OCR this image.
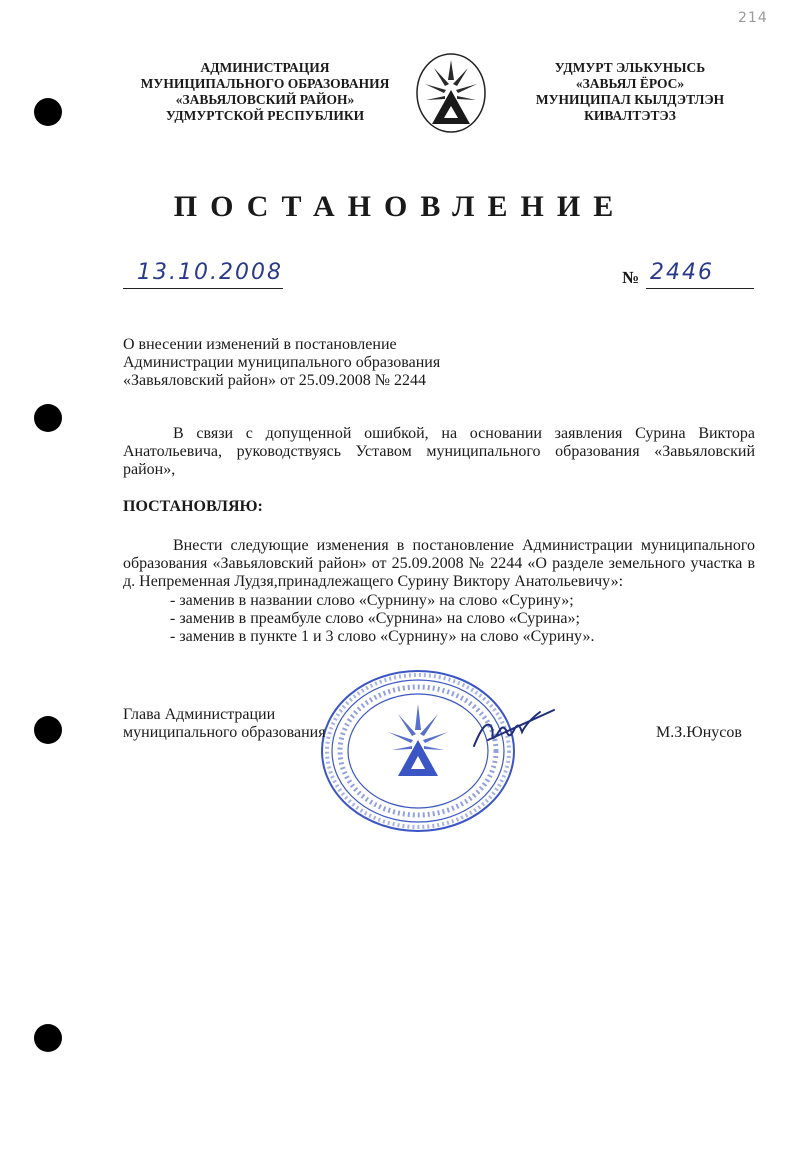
214
АДМИНИСТРАЦИЯ
МУНИЦИПАЛЬНОГО ОБРАЗОВАНИЯ
«ЗАВЬЯЛОВСКИЙ РАЙОН»
УДМУРТСКОЙ РЕСПУБЛИКИ
УДМУРТ ЭЛЬКУНЫСЬ
«ЗАВЬЯЛ ЁРОС»
МУНИЦИПАЛ КЫЛДЭТЛЭН
КИВАЛТЭТЭЗ
ПОСТАНОВЛЕНИЕ
13.10.2008	№ 2446
О внесении изменений в постановление
Администрации муниципального образования
«Завьяловский район» от 25.09.2008 № 2244
В связи с допущенной ошибкой, на основании заявления Сурина Виктора Анатольевича, руководствуясь Уставом муниципального образования «Завьяловский район»,
ПОСТАНОВЛЯЮ:
Внести следующие изменения в постановление Администрации муниципального образования «Завьяловский район» от 25.09.2008 № 2244 «О разделе земельного участка в д. Непременная Лудзя,принадлежащего Сурину Виктору Анатольевичу»:
- заменив в названии слово «Сурнину» на слово «Сурину»;
- заменив в преамбуле слово «Сурнина» на слово «Сурина»;
- заменив в пункте 1 и 3 слово «Сурнину» на слово «Сурину».
Глава Администрации
муниципального образования	М.З.Юнусов
